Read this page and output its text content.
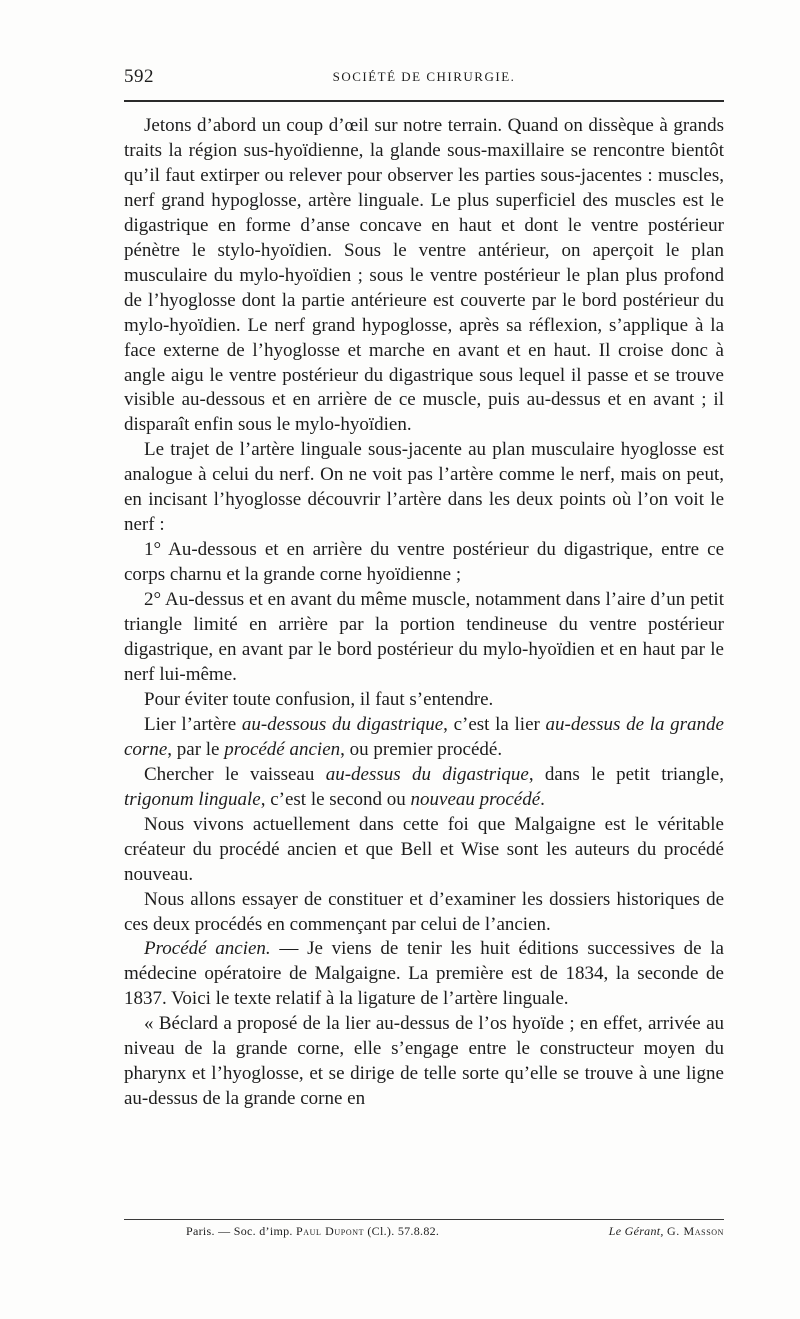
592	SOCIÉTÉ DE CHIRURGIE.

Jetons d’abord un coup d’œil sur notre terrain. Quand on dissèque à grands traits la région sus-hyoïdienne, la glande sous-maxillaire se rencontre bientôt qu’il faut extirper ou relever pour observer les parties sous-jacentes : muscles, nerf grand hypoglosse, artère linguale. Le plus superficiel des muscles est le digastrique en forme d’anse concave en haut et dont le ventre postérieur pénètre le stylo-hyoïdien. Sous le ventre antérieur, on aperçoit le plan musculaire du mylo-hyoïdien ; sous le ventre postérieur le plan plus profond de l’hyoglosse dont la partie antérieure est couverte par le bord postérieur du mylo-hyoïdien. Le nerf grand hypoglosse, après sa réflexion, s’applique à la face externe de l’hyoglosse et marche en avant et en haut. Il croise donc à angle aigu le ventre postérieur du digastrique sous lequel il passe et se trouve visible au-dessous et en arrière de ce muscle, puis au-dessus et en avant ; il disparaît enfin sous le mylo-hyoïdien.

Le trajet de l’artère linguale sous-jacente au plan musculaire hyoglosse est analogue à celui du nerf. On ne voit pas l’artère comme le nerf, mais on peut, en incisant l’hyoglosse découvrir l’artère dans les deux points où l’on voit le nerf :

1° Au-dessous et en arrière du ventre postérieur du digastrique, entre ce corps charnu et la grande corne hyoïdienne ;

2° Au-dessus et en avant du même muscle, notamment dans l’aire d’un petit triangle limité en arrière par la portion tendineuse du ventre postérieur digastrique, en avant par le bord postérieur du mylo-hyoïdien et en haut par le nerf lui-même.

Pour éviter toute confusion, il faut s’entendre.

Lier l’artère au-dessous du digastrique, c’est la lier au-dessus de la grande corne, par le procédé ancien, ou premier procédé.

Chercher le vaisseau au-dessus du digastrique, dans le petit triangle, trigonum linguale, c’est le second ou nouveau procédé.

Nous vivons actuellement dans cette foi que Malgaigne est le véritable créateur du procédé ancien et que Bell et Wise sont les auteurs du procédé nouveau.

Nous allons essayer de constituer et d’examiner les dossiers historiques de ces deux procédés en commençant par celui de l’ancien.

Procédé ancien. — Je viens de tenir les huit éditions successives de la médecine opératoire de Malgaigne. La première est de 1834, la seconde de 1837. Voici le texte relatif à la ligature de l’artère linguale.

« Béclard a proposé de la lier au-dessus de l’os hyoïde ; en effet, arrivée au niveau de la grande corne, elle s’engage entre le constructeur moyen du pharynx et l’hyoglosse, et se dirige de telle sorte qu’elle se trouve à une ligne au-dessus de la grande corne en

Paris. — Soc. d’imp. Paul Dupont (Cl.). 57.8.82.	Le Gérant, G. Masson
